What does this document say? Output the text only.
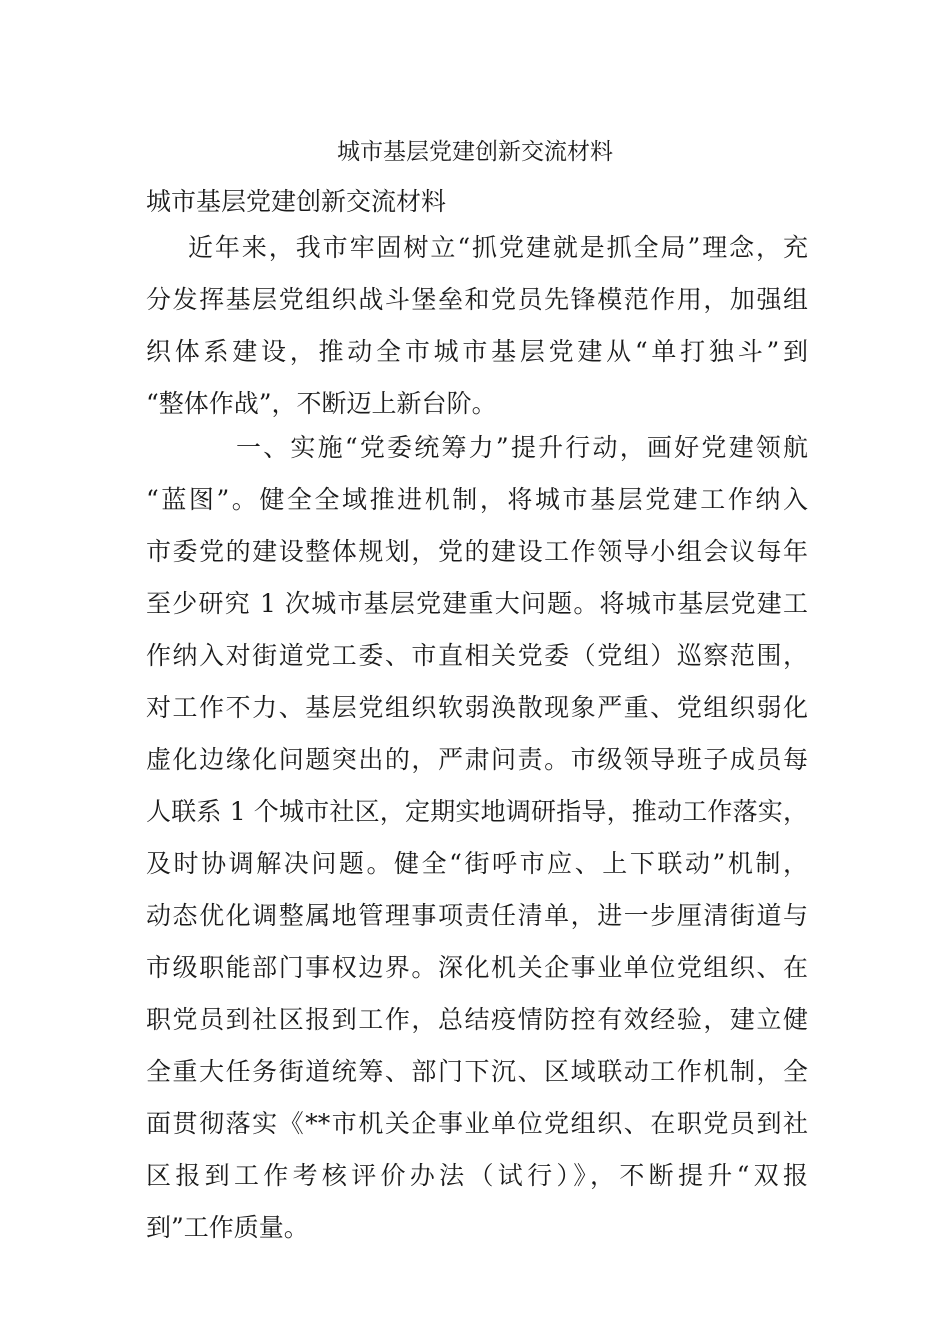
城市基层党建创新交流材料

城市基层党建创新交流材料

近年来，我市牢固树立“抓党建就是抓全局”理念，充
分发挥基层党组织战斗堡垒和党员先锋模范作用，加强组
织体系建设，推动全市城市基层党建从“单打独斗”到
“整体作战”，不断迈上新台阶。
一、实施“党委统筹力”提升行动，画好党建领航
“蓝图”。健全全域推进机制，将城市基层党建工作纳入
市委党的建设整体规划，党的建设工作领导小组会议每年
至少研究 1 次城市基层党建重大问题。将城市基层党建工
作纳入对街道党工委、市直相关党委（党组）巡察范围，
对工作不力、基层党组织软弱涣散现象严重、党组织弱化
虚化边缘化问题突出的，严肃问责。市级领导班子成员每
人联系 1 个城市社区，定期实地调研指导，推动工作落实，
及时协调解决问题。健全“街呼市应、上下联动”机制，
动态优化调整属地管理事项责任清单，进一步厘清街道与
市级职能部门事权边界。深化机关企事业单位党组织、在
职党员到社区报到工作，总结疫情防控有效经验，建立健
全重大任务街道统筹、部门下沉、区域联动工作机制，全
面贯彻落实《**市机关企事业单位党组织、在职党员到社
区报到工作考核评价办法（试行）》，不断提升“双报
到”工作质量。
